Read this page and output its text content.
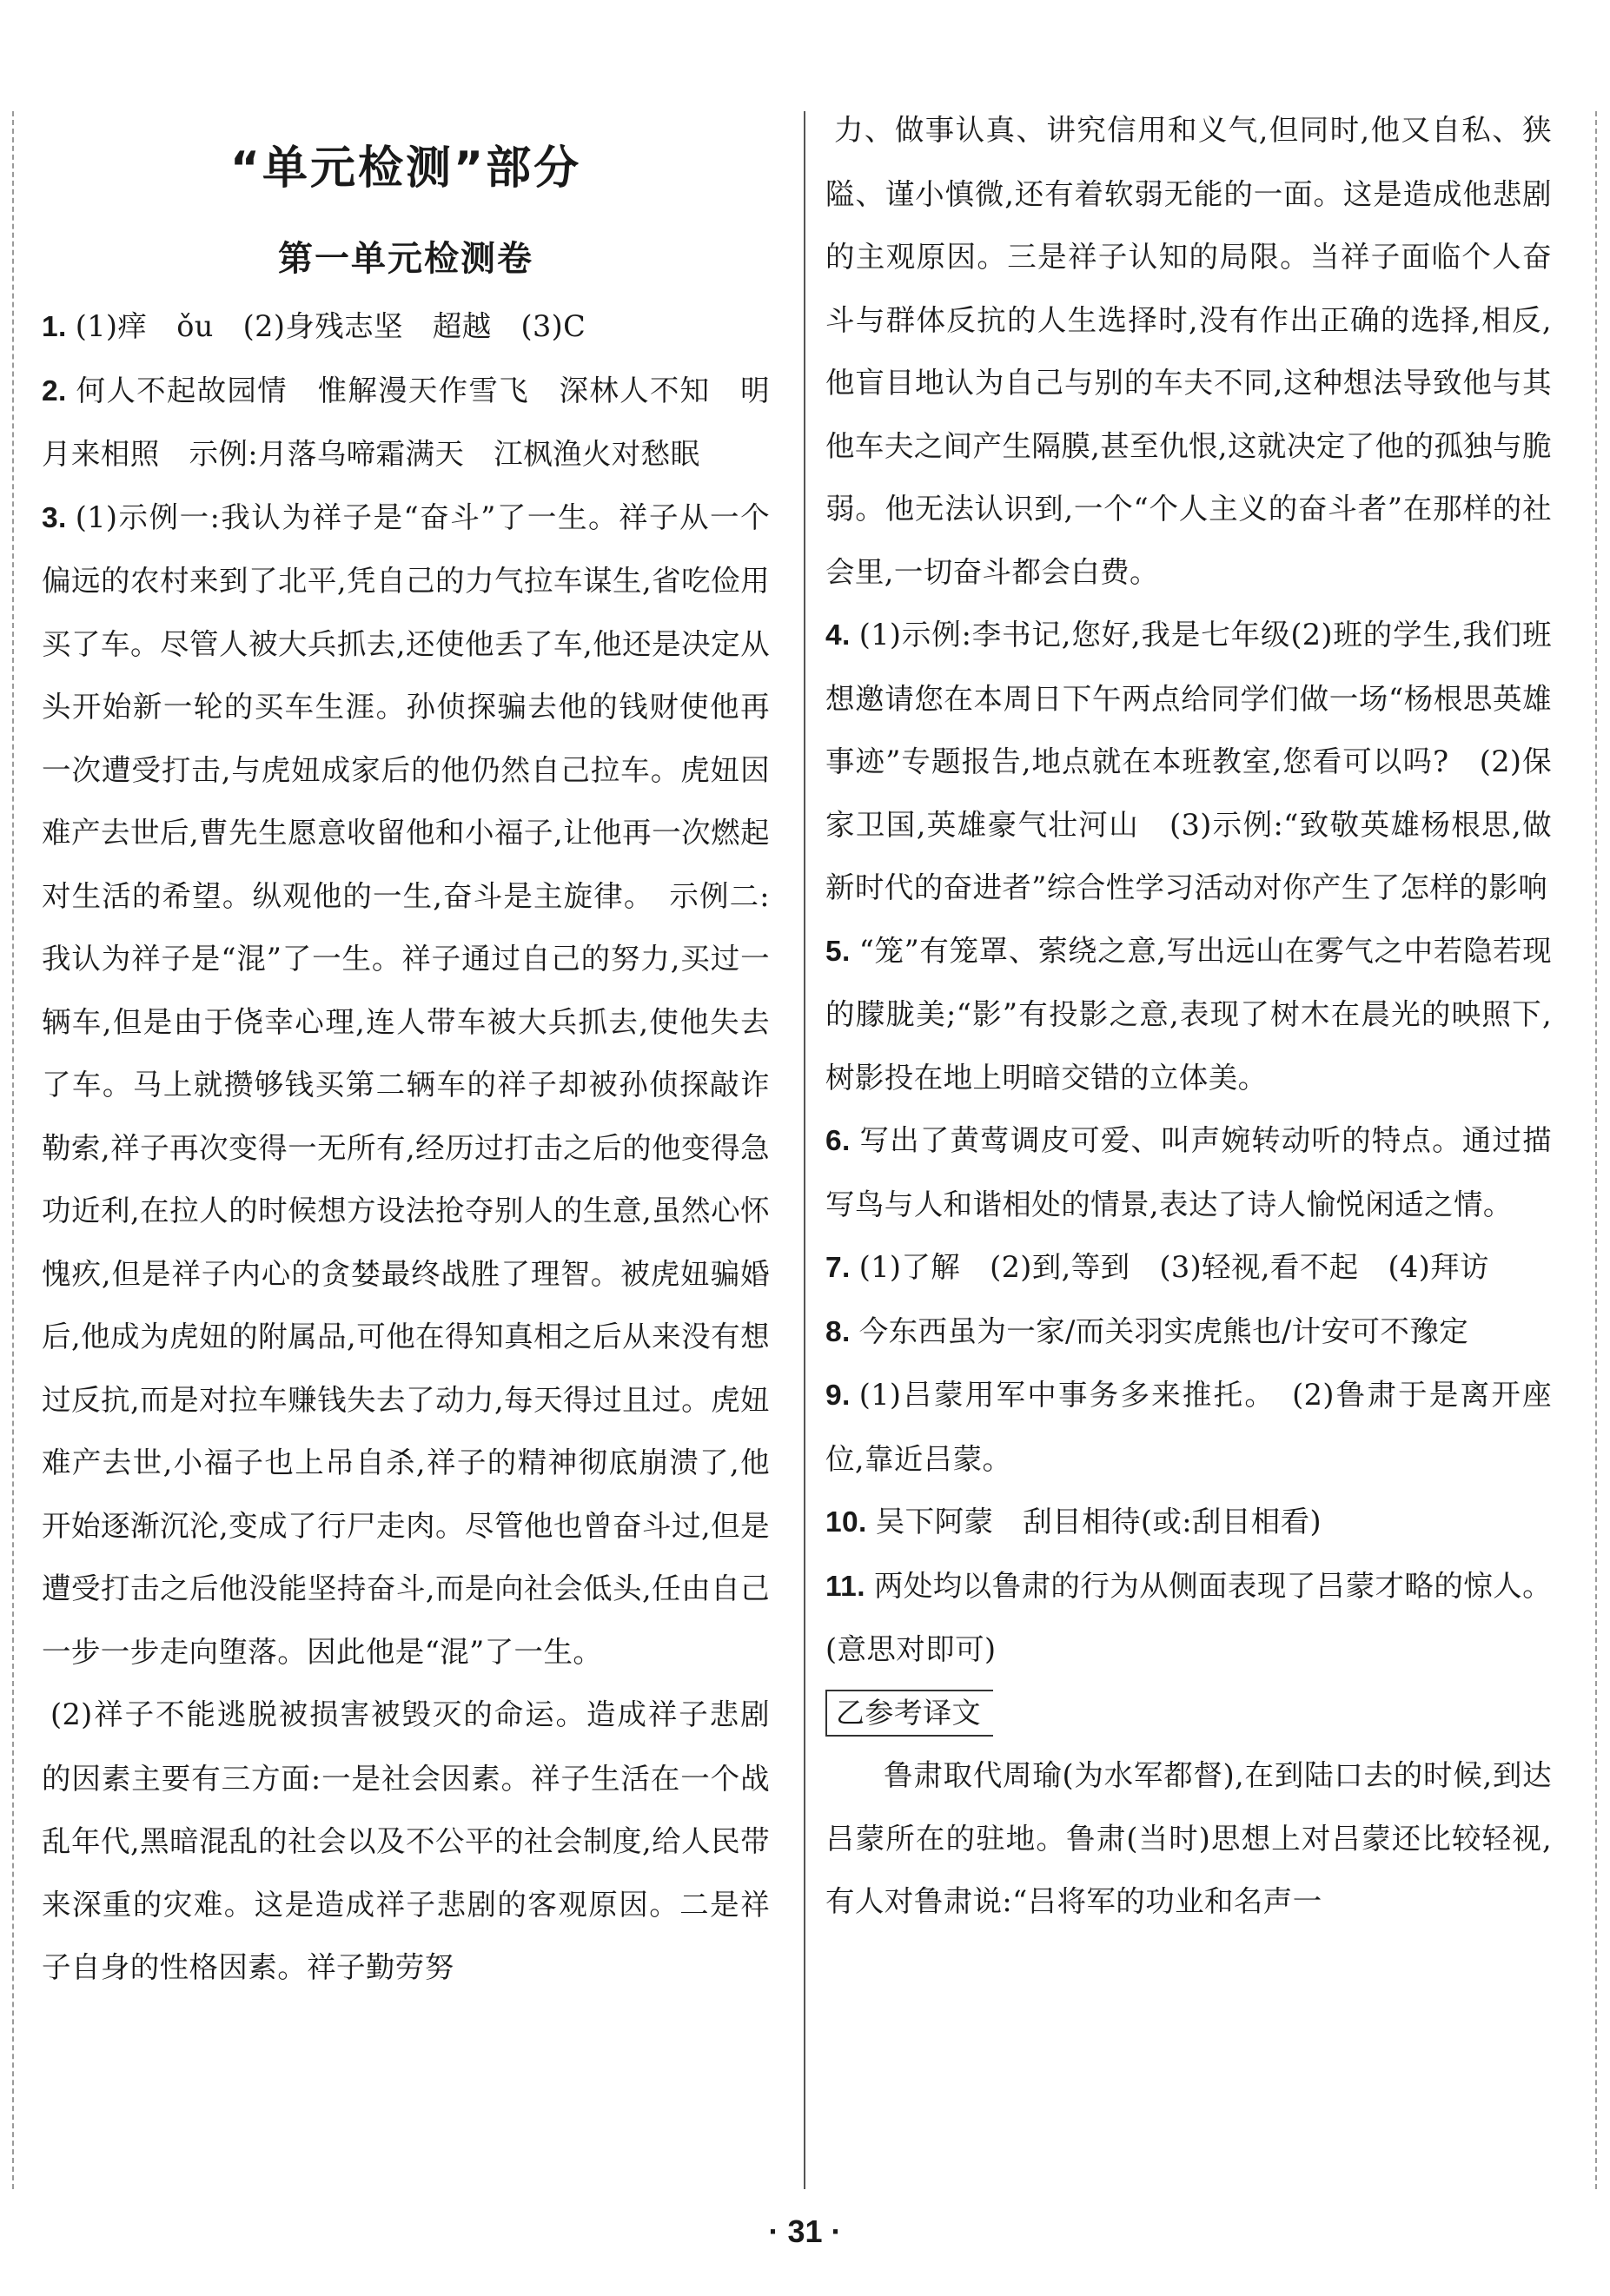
“单元检测”部分
第一单元检测卷

1. (1)痒　ǒu　(2)身残志坚　超越　(3)C

2. 何人不起故园情　惟解漫天作雪飞　深林人不知　明月来相照　示例:月落乌啼霜满天　江枫渔火对愁眠

3. (1)示例一:我认为祥子是“奋斗”了一生。祥子从一个偏远的农村来到了北平,凭自己的力气拉车谋生,省吃俭用买了车。尽管人被大兵抓去,还使他丢了车,他还是决定从头开始新一轮的买车生涯。孙侦探骗去他的钱财使他再一次遭受打击,与虎妞成家后的他仍然自己拉车。虎妞因难产去世后,曹先生愿意收留他和小福子,让他再一次燃起对生活的希望。纵观他的一生,奋斗是主旋律。　示例二:我认为祥子是“混”了一生。祥子通过自己的努力,买过一辆车,但是由于侥幸心理,连人带车被大兵抓去,使他失去了车。马上就攒够钱买第二辆车的祥子却被孙侦探敲诈勒索,祥子再次变得一无所有,经历过打击之后的他变得急功近利,在拉人的时候想方设法抢夺别人的生意,虽然心怀愧疚,但是祥子内心的贪婪最终战胜了理智。被虎妞骗婚后,他成为虎妞的附属品,可他在得知真相之后从来没有想过反抗,而是对拉车赚钱失去了动力,每天得过且过。虎妞难产去世,小福子也上吊自杀,祥子的精神彻底崩溃了,他开始逐渐沉沦,变成了行尸走肉。尽管他也曾奋斗过,但是遭受打击之后他没能坚持奋斗,而是向社会低头,任由自己一步一步走向堕落。因此他是“混”了一生。

(2)祥子不能逃脱被损害被毁灭的命运。造成祥子悲剧的因素主要有三方面:一是社会因素。祥子生活在一个战乱年代,黑暗混乱的社会以及不公平的社会制度,给人民带来深重的灾难。这是造成祥子悲剧的客观原因。二是祥子自身的性格因素。祥子勤劳努

力、做事认真、讲究信用和义气,但同时,他又自私、狭隘、谨小慎微,还有着软弱无能的一面。这是造成他悲剧的主观原因。三是祥子认知的局限。当祥子面临个人奋斗与群体反抗的人生选择时,没有作出正确的选择,相反,他盲目地认为自己与别的车夫不同,这种想法导致他与其他车夫之间产生隔膜,甚至仇恨,这就决定了他的孤独与脆弱。他无法认识到,一个“个人主义的奋斗者”在那样的社会里,一切奋斗都会白费。

4. (1)示例:李书记,您好,我是七年级(2)班的学生,我们班想邀请您在本周日下午两点给同学们做一场“杨根思英雄事迹”专题报告,地点就在本班教室,您看可以吗?　(2)保家卫国,英雄豪气壮河山　(3)示例:“致敬英雄杨根思,做新时代的奋进者”综合性学习活动对你产生了怎样的影响

5. “笼”有笼罩、萦绕之意,写出远山在雾气之中若隐若现的朦胧美;“影”有投影之意,表现了树木在晨光的映照下,树影投在地上明暗交错的立体美。

6. 写出了黄莺调皮可爱、叫声婉转动听的特点。通过描写鸟与人和谐相处的情景,表达了诗人愉悦闲适之情。

7. (1)了解　(2)到,等到　(3)轻视,看不起　(4)拜访

8. 今东西虽为一家/而关羽实虎熊也/计安可不豫定

9. (1)吕蒙用军中事务多来推托。　(2)鲁肃于是离开座位,靠近吕蒙。

10. 吴下阿蒙　刮目相待(或:刮目相看)

11. 两处均以鲁肃的行为从侧面表现了吕蒙才略的惊人。(意思对即可)

乙参考译文

鲁肃取代周瑜(为水军都督),在到陆口去的时候,到达吕蒙所在的驻地。鲁肃(当时)思想上对吕蒙还比较轻视,有人对鲁肃说:“吕将军的功业和名声一

· 31 ·
